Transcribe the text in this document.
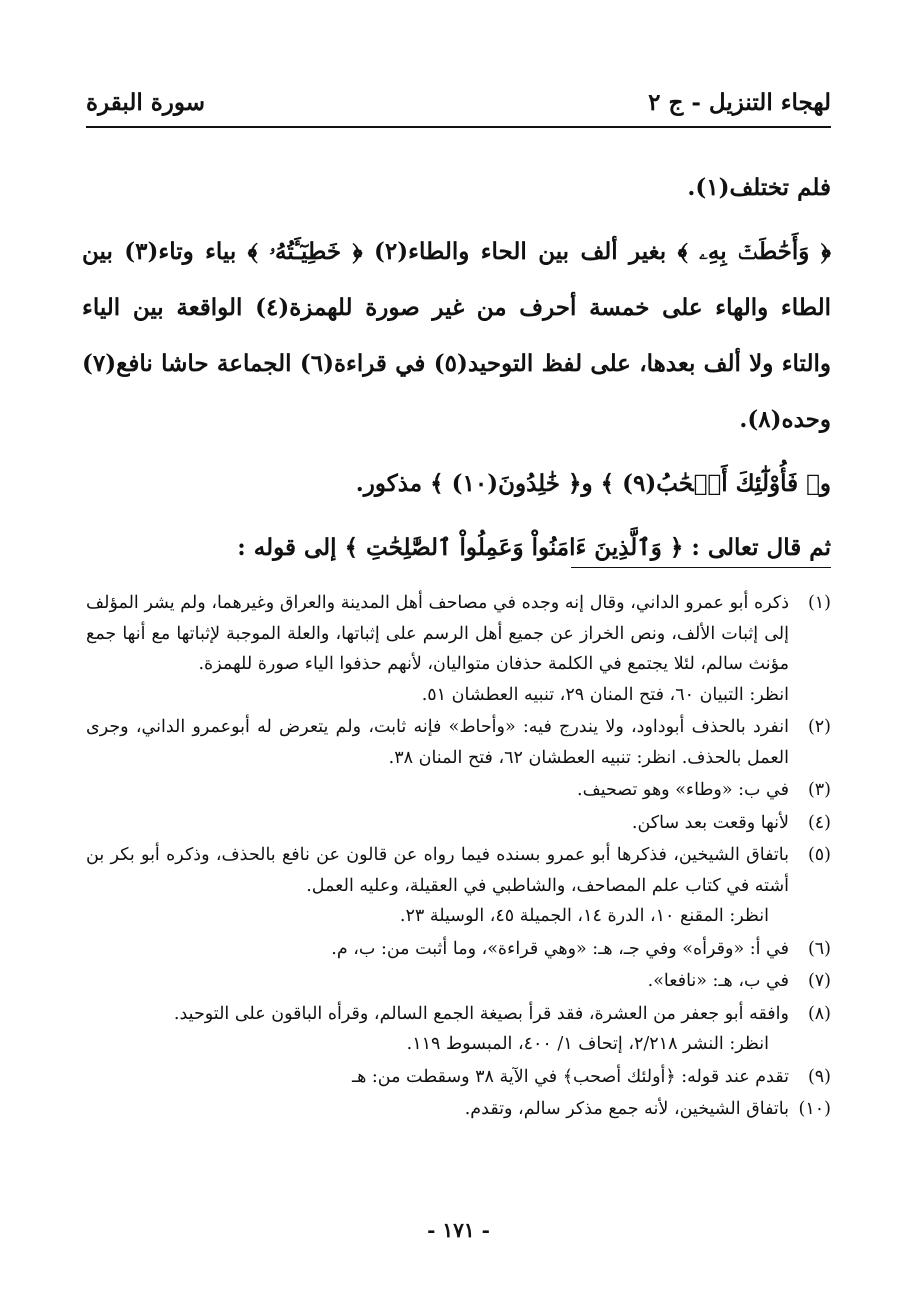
لهجاء التنزيل - ج ٢
سورة البقرة

فلم تختلف(١).

﴿ وَأَحَٰطَتۡ بِهِۦ ﴾ بغير ألف بين الحاء والطاء(٢) ﴿ خَطِيٓـَٔتُهُۥ ﴾ بياء وتاء(٣) بين الطاء والهاء على خمسة أحرف من غير صورة للهمزة(٤) الواقعة بين الياء والتاء ولا ألف بعدها، على لفظ التوحيد(٥) في قراءة(٦) الجماعة حاشا نافع(٧) وحده(٨).

و﴿ فَأُوْلَٰٓئِكَ أَصۡحَٰبُ(٩) ﴾ و﴿ خَٰلِدُونَ(١٠) ﴾ مذكور.

ثم قال تعالى : ﴿ وَٱلَّذِينَ ءَامَنُواْ وَعَمِلُواْ ٱلصَّٰلِحَٰتِ ﴾ إلى قوله :

(١)
ذكره أبو عمرو الداني، وقال إنه وجده في مصاحف أهل المدينة والعراق وغيرهما، ولم يشر المؤلف إلى إثبات الألف، ونص الخراز عن جميع أهل الرسم على إثباتها، والعلة الموجبة لإثباتها مع أنها جمع مؤنث سالم، لئلا يجتمع في الكلمة حذفان متواليان، لأنهم حذفوا الياء صورة للهمزة.
انظر: التبيان ٦٠، فتح المنان ٢٩، تنبيه العطشان ٥١.
(٢)
انفرد بالحذف أبوداود، ولا يندرج فيه: «وأحاط» فإنه ثابت، ولم يتعرض له أبوعمرو الداني، وجرى العمل بالحذف. انظر: تنبيه العطشان ٦٢، فتح المنان ٣٨.
(٣)
في ب: «وطاء» وهو تصحيف.
(٤)
لأنها وقعت بعد ساكن.
(٥)
باتفاق الشيخين، فذكرها أبو عمرو بسنده فيما رواه عن قالون عن نافع بالحذف، وذكره أبو بكر بن أشته في كتاب علم المصاحف، والشاطبي في العقيلة، وعليه العمل.
انظر: المقنع ١٠، الدرة ١٤، الجميلة ٤٥، الوسيلة ٢٣.
(٦)
في أ: «وقرأه» وفي جـ، هـ: «وهي قراءة»، وما أثبت من: ب، م.
(٧)
في ب، هـ: «نافعا».
(٨)
وافقه أبو جعفر من العشرة، فقد قرأ بصيغة الجمع السالم، وقرأه الباقون على التوحيد.
انظر: النشر ٢/٢١٨، إتحاف ١/ ٤٠٠، المبسوط ١١٩.
(٩)
تقدم عند قوله: ﴿أولئك أصحب﴾ في الآية ٣٨ وسقطت من: هـ
(١٠)
باتفاق الشيخين، لأنه جمع مذكر سالم، وتقدم.
- ١٧١ -
